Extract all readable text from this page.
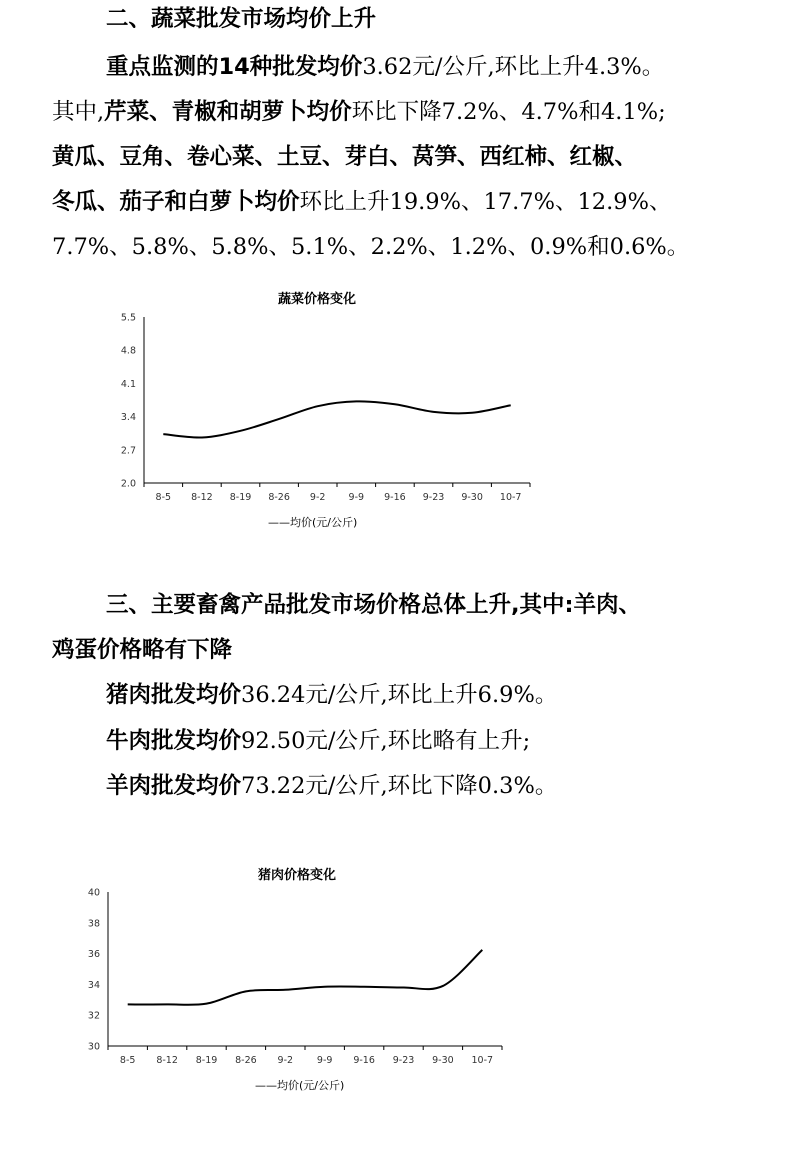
二、蔬菜批发市场均价上升
重点监测的14种批发均价3.62元/公斤,环比上升4.3%。
其中,芹菜、青椒和胡萝卜均价环比下降7.2%、4.7%和4.1%;
黄瓜、豆角、卷心菜、土豆、芽白、莴笋、西红柿、红椒、
冬瓜、茄子和白萝卜均价环比上升19.9%、17.7%、12.9%、
7.7%、5.8%、5.8%、5.1%、2.2%、1.2%、0.9%和0.6%。
蔬菜价格变化
2.0
2.7
3.4
4.1
4.8
5.5
8-5 8-12 8-19 8-26 9-2 9-9 9-16 9-23 9-30 10-7
——均价(元/公斤)
三、主要畜禽产品批发市场价格总体上升,其中:羊肉、
鸡蛋价格略有下降
猪肉批发均价36.24元/公斤,环比上升6.9%。
牛肉批发均价92.50元/公斤,环比略有上升;
羊肉批发均价73.22元/公斤,环比下降0.3%。
猪肉价格变化
30
32
34
36
38
40
8-5 8-12 8-19 8-26 9-2	9-9 9-16 9-23 9-30 10-7
——均价(元/公斤)
